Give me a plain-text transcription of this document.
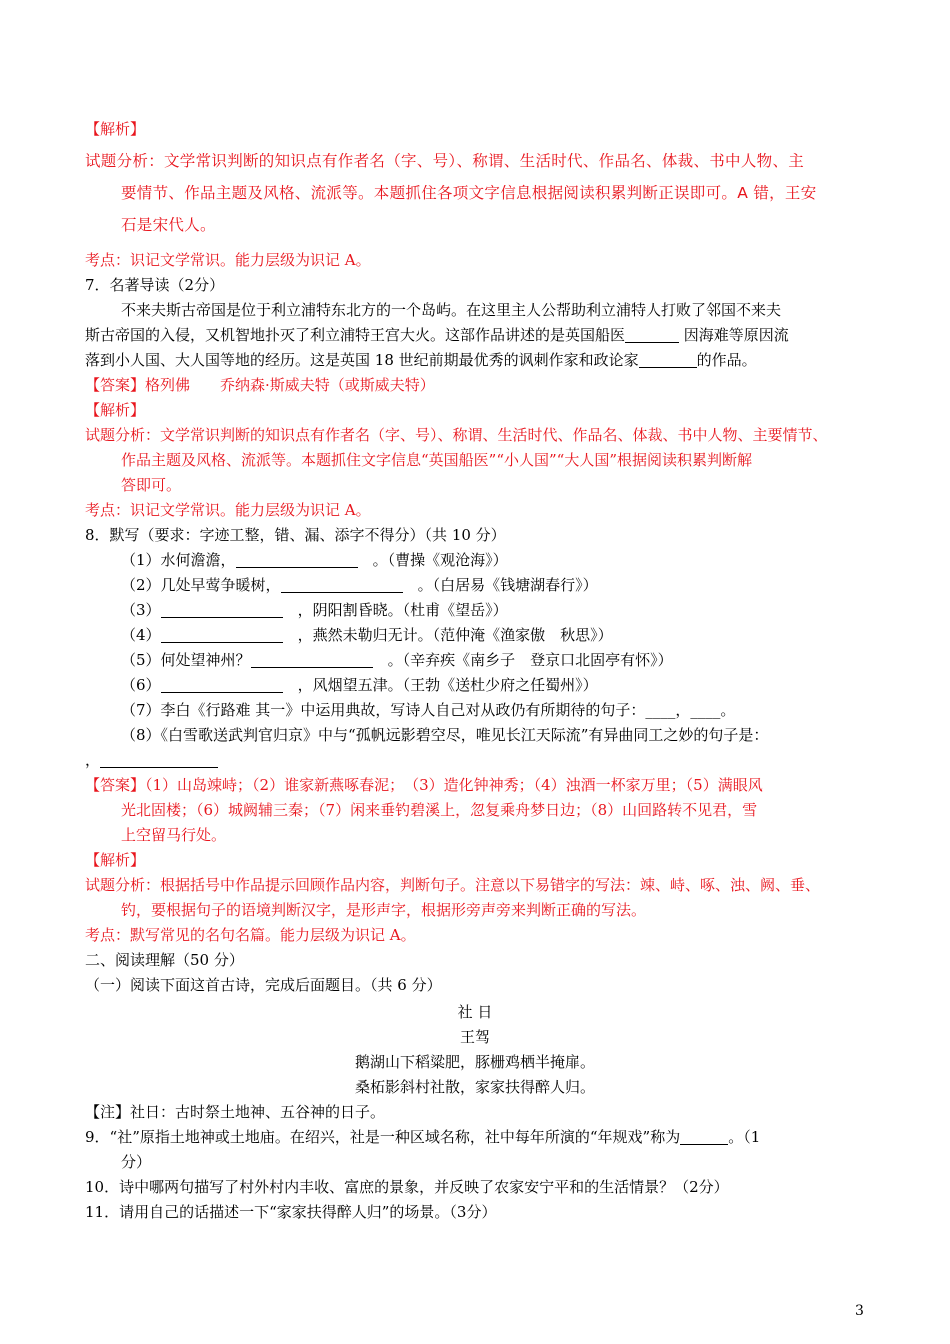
【解析】
试题分析：文学常识判断的知识点有作者名（字、号）、称谓、生活时代、作品名、体裁、书中人物、主
要情节、作品主题及风格、流派等。本题抓住各项文字信息根据阅读积累判断正误即可。A 错，王安
石是宋代人。
考点：识记文学常识。能力层级为识记 A。
7．名著导读（2分）
不来夫斯古帝国是位于利立浦特东北方的一个岛屿。在这里主人公帮助利立浦特人打败了邻国不来夫
斯古帝国的入侵，又机智地扑灭了利立浦特王宫大火。这部作品讲述的是英国船医	因海难等原因流
落到小人国、大人国等地的经历。这是英国 18 世纪前期最优秀的讽刺作家和政论家	的作品。
【答案】格列佛　　乔纳森·斯威夫特（或斯威夫特）
【解析】
试题分析：文学常识判断的知识点有作者名（字、号）、称谓、生活时代、作品名、体裁、书中人物、主要情节、
作品主题及风格、流派等。本题抓住文字信息“英国船医”“小人国”“大人国”根据阅读积累判断解
答即可。
考点：识记文学常识。能力层级为识记 A。
8．默写（要求：字迹工整，错、漏、添字不得分）（共 10 分）
（1）水何澹澹，　	。（曹操《观沧海》）
（2）几处早莺争暖树，　	。（白居易《钱塘湖春行》）
（3）　	，阴阳割昏晓。（杜甫《望岳》）
（4）　	，燕然未勒归无计。（范仲淹《渔家傲　秋思》）
（5）何处望神州？　	。（辛弃疾《南乡子　登京口北固亭有怀》）
（6）　	，风烟望五津。（王勃《送杜少府之任蜀州》）
（7）李白《行路难 其一》中运用典故，写诗人自己对从政仍有所期待的句子：____，____。
（8）《白雪歌送武判官归京》中与“孤帆远影碧空尽，唯见长江天际流”有异曲同工之妙的句子是：
，
【答案】（1）山岛竦峙；（2）谁家新燕啄春泥；　（3）造化钟神秀；（4）浊酒一杯家万里；（5）满眼风
光北固楼；（6）城阙辅三秦；（7）闲来垂钓碧溪上，忽复乘舟梦日边；（8）山回路转不见君，雪
上空留马行处。
【解析】
试题分析：根据括号中作品提示回顾作品内容，判断句子。注意以下易错字的写法：竦、峙、啄、浊、阙、垂、
钓，要根据句子的语境判断汉字，是形声字，根据形旁声旁来判断正确的写法。
考点：默写常见的名句名篇。能力层级为识记 A。
二、阅读理解（50 分）
（一）阅读下面这首古诗，完成后面题目。（共 6 分）
社 日
王驾
鹅湖山下稻粱肥，豚栅鸡栖半掩扉。
桑柘影斜村社散，家家扶得醉人归。
【注】社日：古时祭土地神、五谷神的日子。
9．“社”原指土地神或土地庙。在绍兴，社是一种区域名称，社中每年所演的“年规戏”称为	。（1
分）
10．诗中哪两句描写了村外村内丰收、富庶的景象，并反映了农家安宁平和的生活情景？（2分）
11．请用自己的话描述一下“家家扶得醉人归”的场景。（3分）
3
